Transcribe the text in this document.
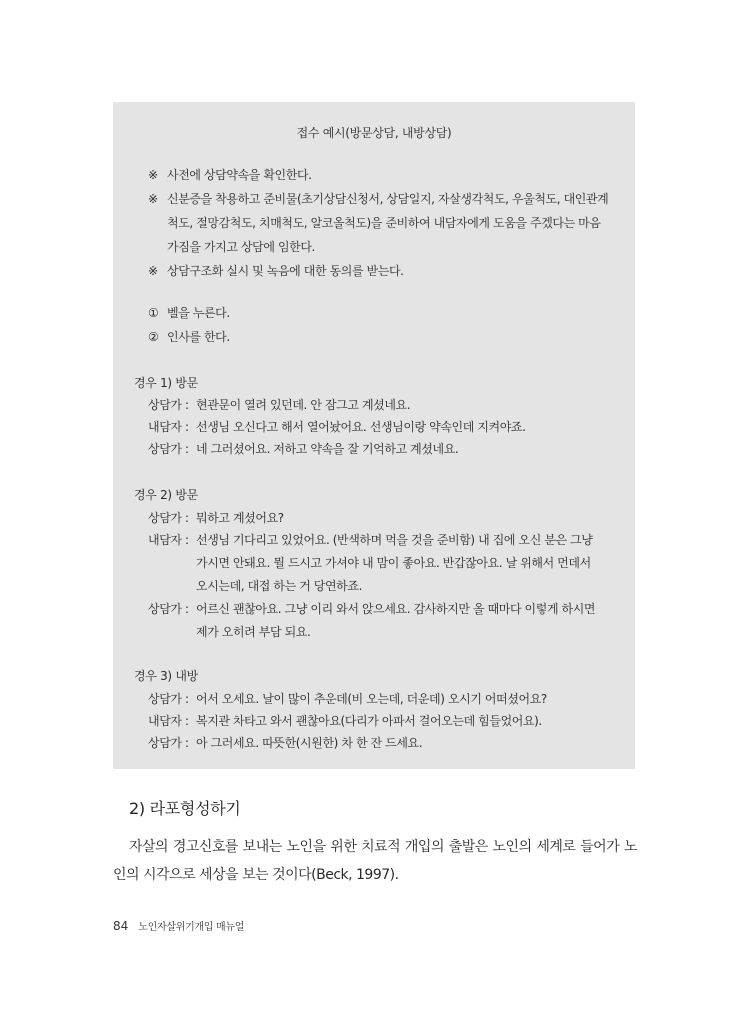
접수 예시(방문상담, 내방상담)
※ 사전에 상담약속을 확인한다.
※ 신분증을 착용하고 준비물(초기상담신청서, 상담일지, 자살생각척도, 우울척도, 대인관계
척도, 절망감척도, 치매척도, 알코올척도)을 준비하여 내담자에게 도움을 주겠다는 마음
가짐을 가지고 상담에 임한다.
※ 상담구조화 실시 및 녹음에 대한 동의를 받는다.
① 벨을 누른다.
② 인사를 한다.
경우 1) 방문
상담가 : 현관문이 열려 있던데. 안 잠그고 계셨네요.
내담자 : 선생님 오신다고 해서 열어놨어요. 선생님이랑 약속인데 지켜야죠.
상담가 : 네 그러셨어요. 저하고 약속을 잘 기억하고 계셨네요.
경우 2) 방문
상담가 : 뭐하고 계셨어요?
내담자 : 선생님 기다리고 있었어요. (반색하며 먹을 것을 준비함) 내 집에 오신 분은 그냥
가시면 안돼요. 뭘 드시고 가셔야 내 맘이 좋아요. 반갑잖아요. 날 위해서 먼데서
오시는데, 대접 하는 거 당연하죠.
상담가 : 어르신 괜찮아요. 그냥 이리 와서 앉으세요. 감사하지만 올 때마다 이렇게 하시면
제가 오히려 부담 되요.
경우 3) 내방
상담가 : 어서 오세요. 날이 많이 추운데(비 오는데, 더운데) 오시기 어떠셨어요?
내담자 : 복지관 차타고 와서 괜찮아요(다리가 아파서 걸어오는데 힘들었어요).
상담가 : 아 그러세요. 따뜻한(시원한) 차 한 잔 드세요.
2) 라포형성하기
자살의 경고신호를 보내는 노인을 위한 치료적 개입의 출발은 노인의 세계로 들어가 노인의 시각으로 세상을 보는 것이다(Beck, 1997).
84 노인자살위기개입 매뉴얼
